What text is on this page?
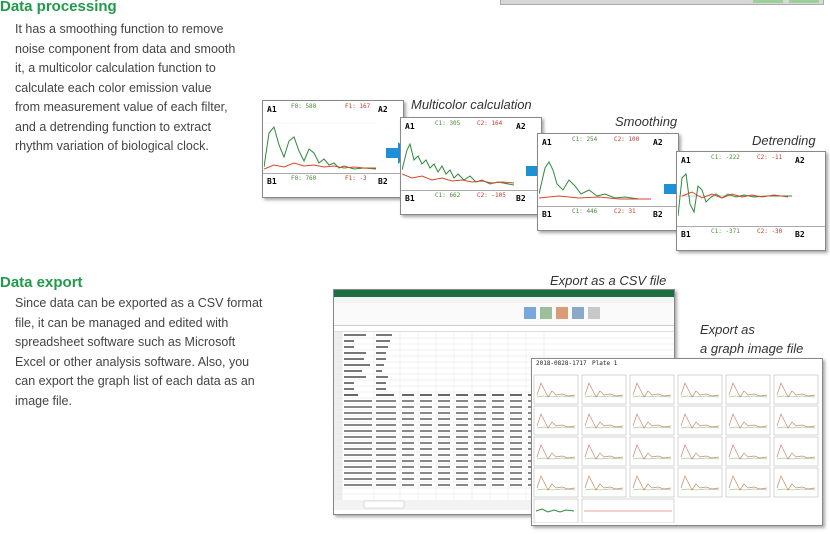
Data processing
It has a smoothing function to remove
noise component from data and smooth
it, a multicolor calculation function to
calculate each color emission value
from measurement value of each filter,
and a detrending function to extract
rhythm variation of biological clock.
Multicolor calculation
Smoothing
Detrending
A1 F0: 580	F1: 167 A2
B1 F0: 760	F1: -3 B2
A1	C1: 305	C2: 164 A2
B1	C1: 662	C2: -105 B2
A1	C1: 254	C2: 100 A2
B1	C1: 446	C2: 31 B2
A1	C1: -222	C2: -11 A2
B1	C1: -371	C2: -30 B2
Data export
Since data can be exported as a CSV format
file, it can be managed and edited with
spreadsheet software such as Microsoft
Excel or other analysis software. Also, you
can export the graph list of each data as an
image file.
Export as a CSV file
Export as
a graph image file
2018-0828-1717 Plate 1
